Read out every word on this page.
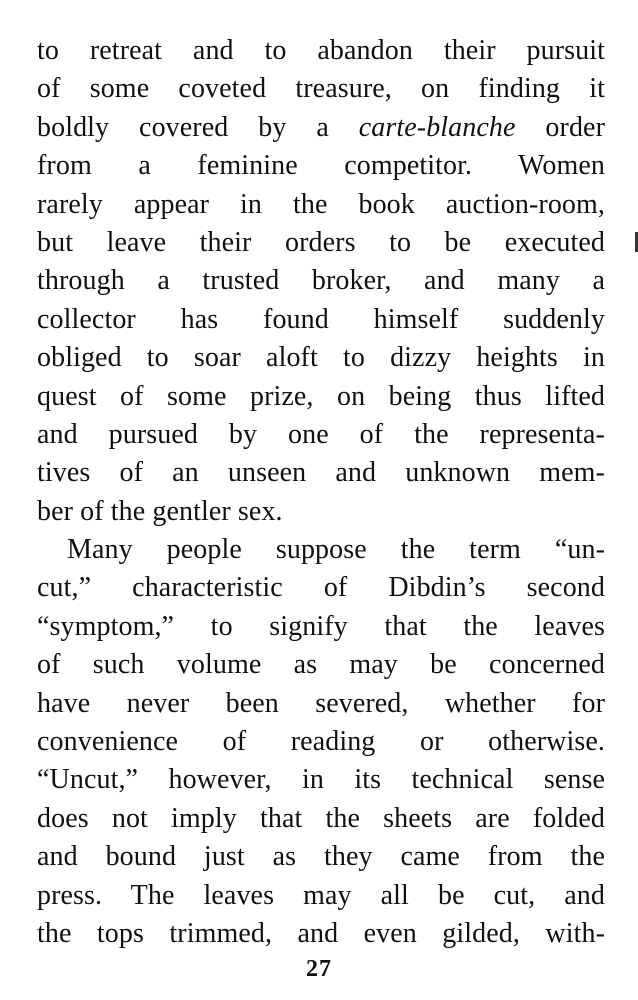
to retreat and to abandon their pursuit
of some coveted treasure, on finding it
boldly covered by a carte-blanche order
from a feminine competitor. Women
rarely appear in the book auction-room,
but leave their orders to be executed
through a trusted broker, and many a
collector has found himself suddenly
obliged to soar aloft to dizzy heights in
quest of some prize, on being thus lifted
and pursued by one of the representa-
tives of an unseen and unknown mem-
ber of the gentler sex.
Many people suppose the term “un-
cut,” characteristic of Dibdin’s second
“symptom,” to signify that the leaves
of such volume as may be concerned
have never been severed, whether for
convenience of reading or otherwise.
“Uncut,” however, in its technical sense
does not imply that the sheets are folded
and bound just as they came from the
press. The leaves may all be cut, and
the tops trimmed, and even gilded, with-
27
